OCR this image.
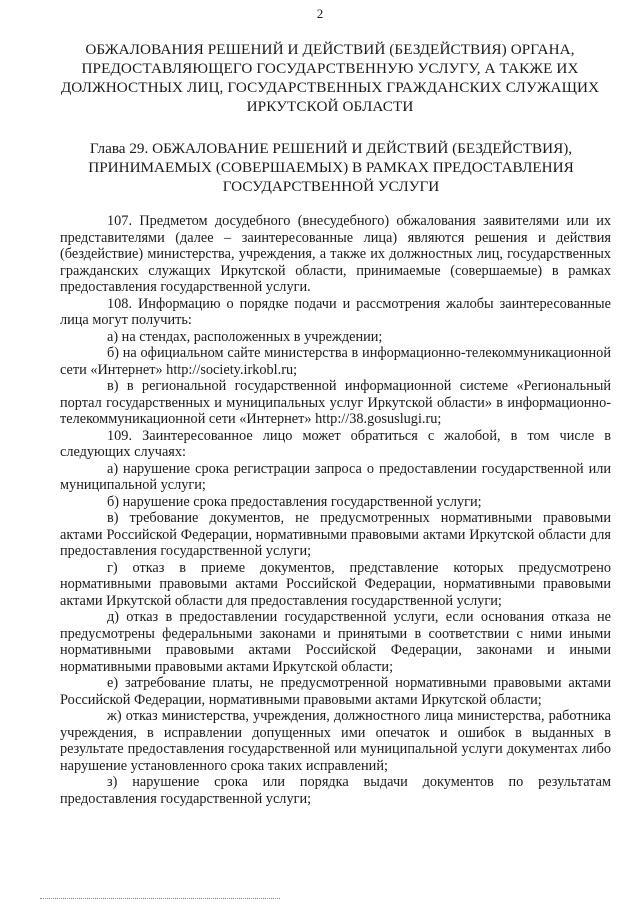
2
ОБЖАЛОВАНИЯ РЕШЕНИЙ И ДЕЙСТВИЙ (БЕЗДЕЙСТВИЯ) ОРГАНА, ПРЕДОСТАВЛЯЮЩЕГО ГОСУДАРСТВЕННУЮ УСЛУГУ, А ТАКЖЕ ИХ ДОЛЖНОСТНЫХ ЛИЦ, ГОСУДАРСТВЕННЫХ ГРАЖДАНСКИХ СЛУЖАЩИХ ИРКУТСКОЙ ОБЛАСТИ
Глава 29. ОБЖАЛОВАНИЕ РЕШЕНИЙ И ДЕЙСТВИЙ (БЕЗДЕЙСТВИЯ), ПРИНИМАЕМЫХ (СОВЕРШАЕМЫХ) В РАМКАХ ПРЕДОСТАВЛЕНИЯ ГОСУДАРСТВЕННОЙ УСЛУГИ

107. Предметом досудебного (внесудебного) обжалования заявителями или их представителями (далее – заинтересованные лица) являются решения и действия (бездействие) министерства, учреждения, а также их должностных лиц, государственных гражданских служащих Иркутской области, принимаемые (совершаемые) в рамках предоставления государственной услуги.

108. Информацию о порядке подачи и рассмотрения жалобы заинтересованные лица могут получить:

а) на стендах, расположенных в учреждении;

б) на официальном сайте министерства в информационно-телекоммуникационной сети «Интернет» http://society.irkobl.ru;

в) в региональной государственной информационной системе «Региональный портал государственных и муниципальных услуг Иркутской области» в информационно-телекоммуникационной сети «Интернет» http://38.gosuslugi.ru;

109. Заинтересованное лицо может обратиться с жалобой, в том числе в следующих случаях:

а) нарушение срока регистрации запроса о предоставлении государственной или муниципальной услуги;

б) нарушение срока предоставления государственной услуги;

в) требование документов, не предусмотренных нормативными правовыми актами Российской Федерации, нормативными правовыми актами Иркутской области для предоставления государственной услуги;

г) отказ в приеме документов, представление которых предусмотрено нормативными правовыми актами Российской Федерации, нормативными правовыми актами Иркутской области для предоставления государственной услуги;

д) отказ в предоставлении государственной услуги, если основания отказа не предусмотрены федеральными законами и принятыми в соответствии с ними иными нормативными правовыми актами Российской Федерации, законами и иными нормативными правовыми актами Иркутской области;

е) затребование платы, не предусмотренной нормативными правовыми актами Российской Федерации, нормативными правовыми актами Иркутской области;

ж) отказ министерства, учреждения, должностного лица министерства, работника учреждения, в исправлении допущенных ими опечаток и ошибок в выданных в результате предоставления государственной или муниципальной услуги документах либо нарушение установленного срока таких исправлений;

з) нарушение срока или порядка выдачи документов по результатам предоставления государственной услуги;
